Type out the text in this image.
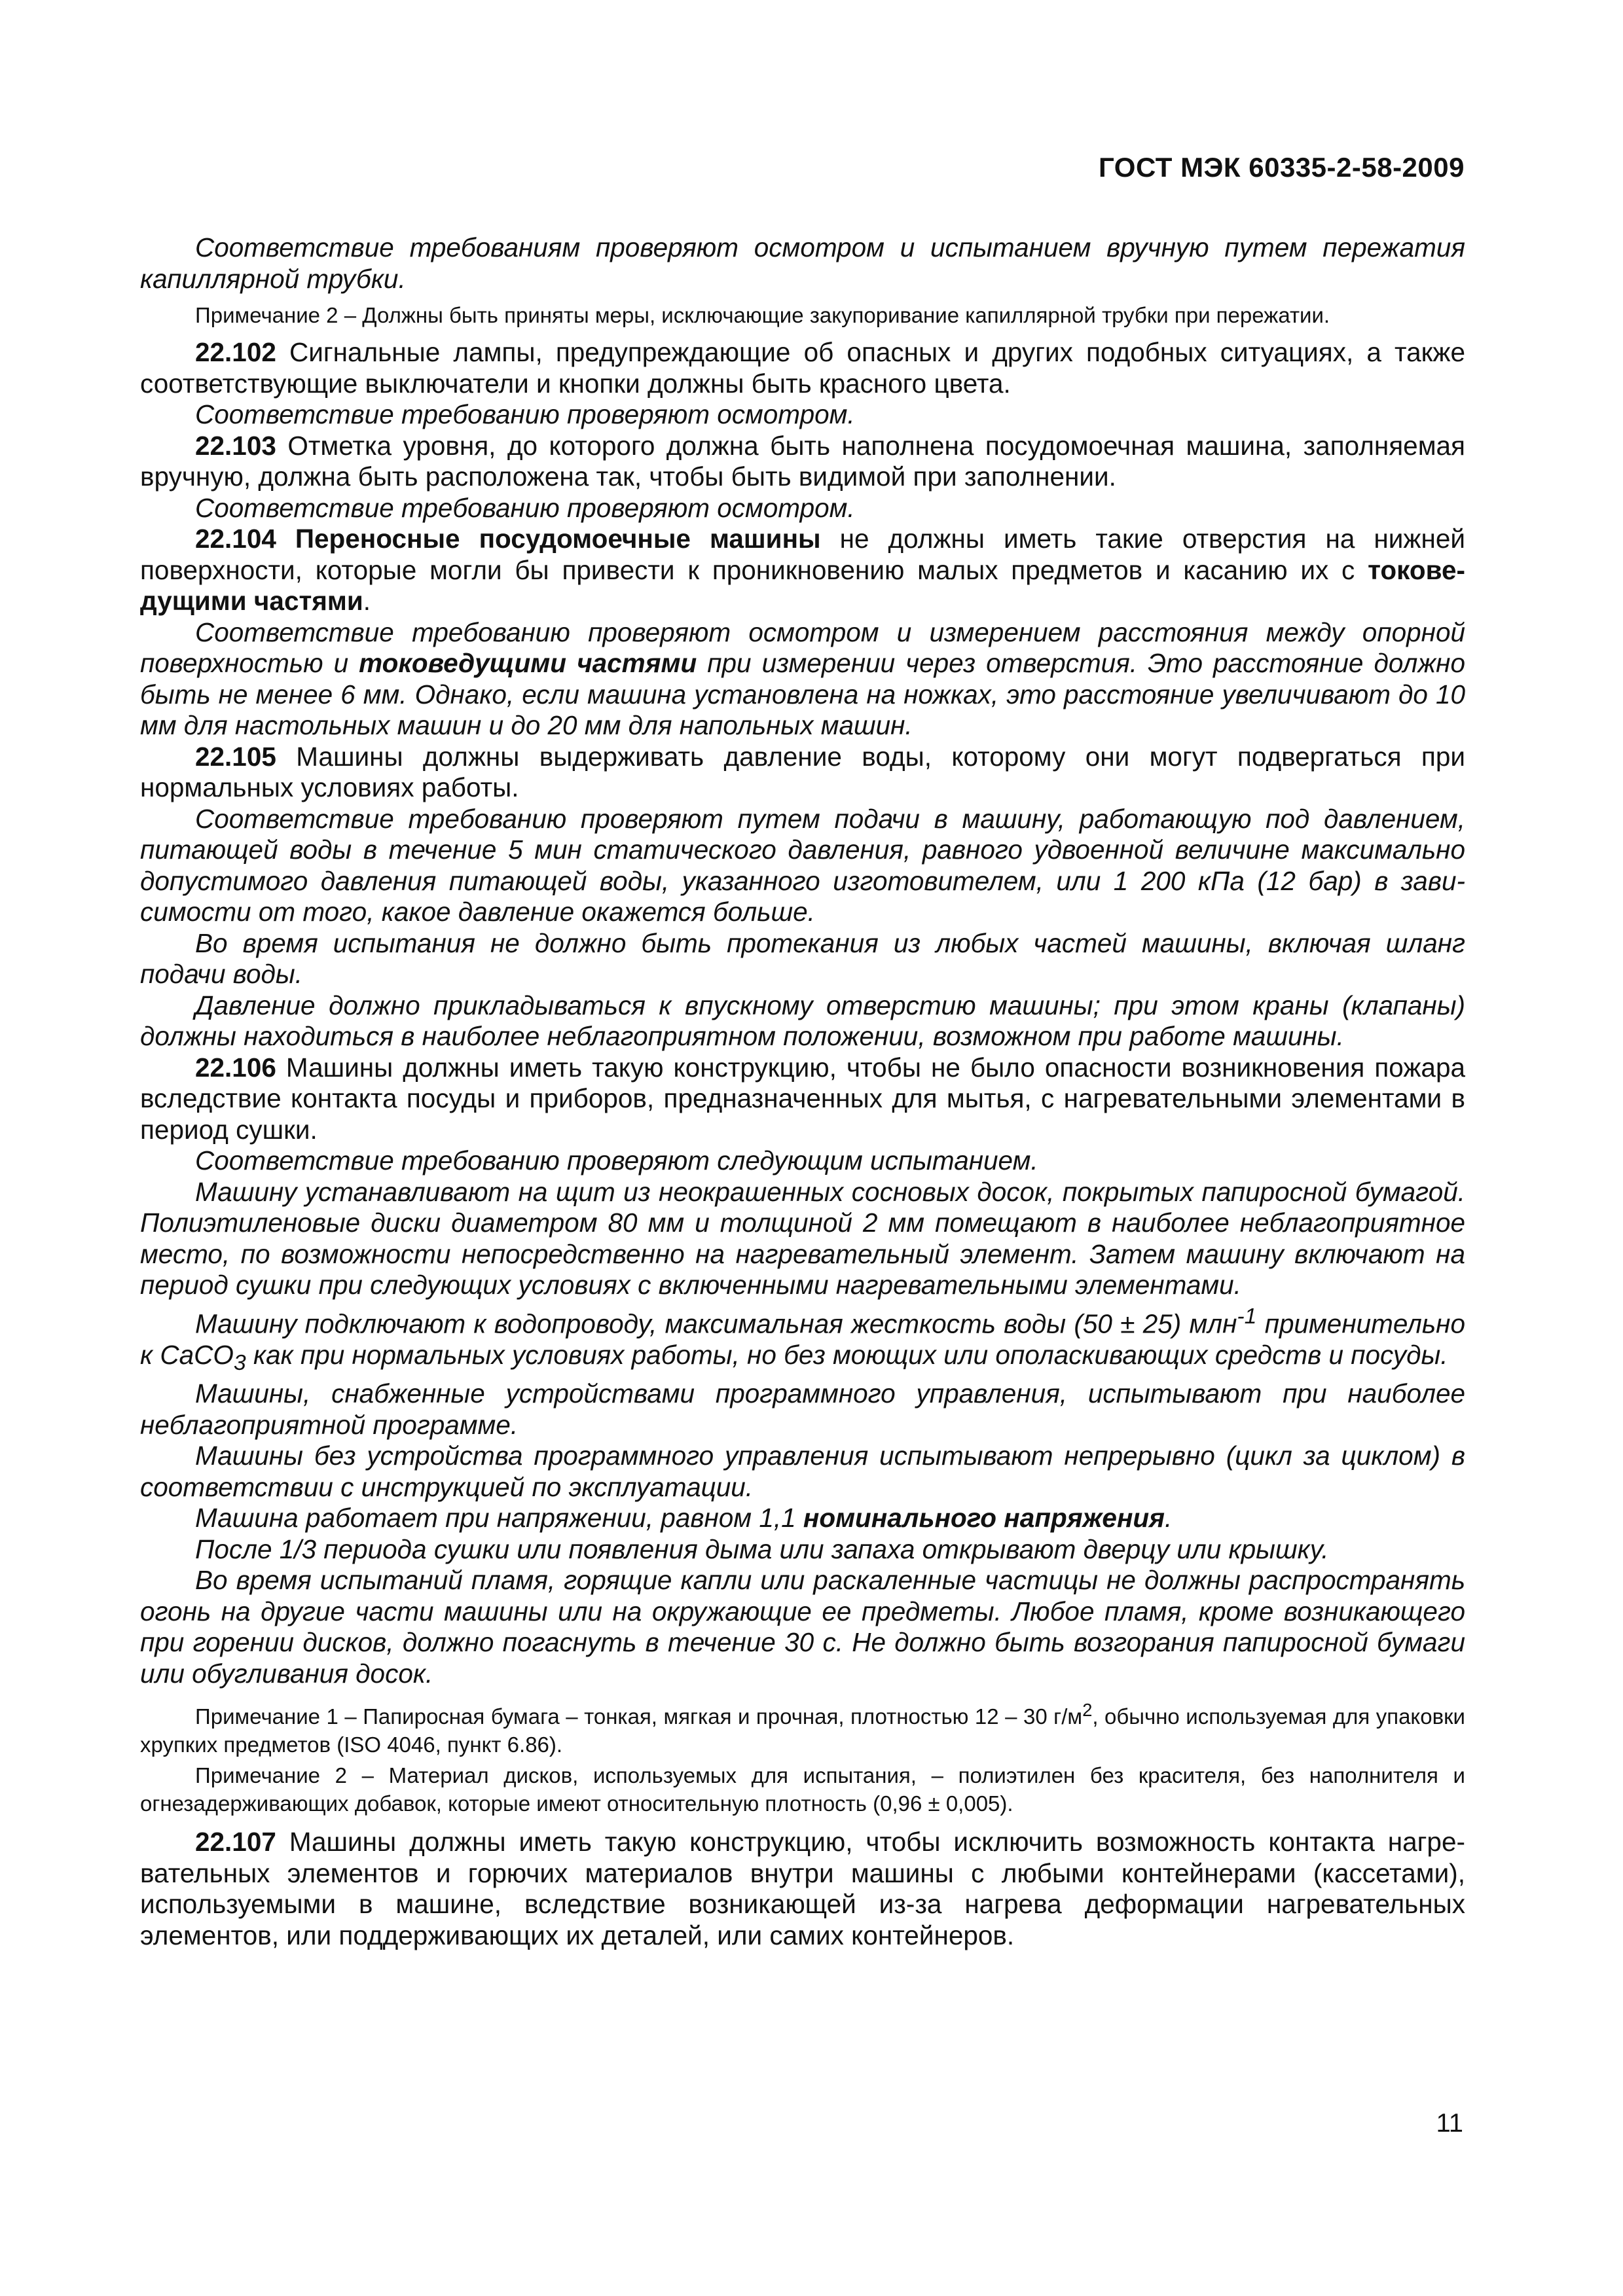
ГОСТ МЭК 60335-2-58-2009

Соответствие требованиям проверяют осмотром и испытанием вручную путем пережатия капиллярной трубки.

Примечание 2 – Должны быть приняты меры, исключающие закупоривание капиллярной трубки при пережатии.

22.102 Сигнальные лампы, предупреждающие об опасных и других подобных ситуациях, а также соответствующие выключатели и кнопки должны быть красного цвета.

Соответствие требованию проверяют осмотром.

22.103 Отметка уровня, до которого должна быть наполнена посудомоечная машина, заполняемая вручную, должна быть расположена так, чтобы быть видимой при заполнении.

Соответствие требованию проверяют осмотром.

22.104 Переносные посудомоечные машины не должны иметь такие отверстия на нижней поверхности, которые могли бы привести к проникновению малых предметов и касанию их с токоведущими частями.

Соответствие требованию проверяют осмотром и измерением расстояния между опорной поверхностью и токоведущими частями при измерении через отверстия. Это расстояние должно быть не менее 6 мм. Однако, если машина установлена на ножках, это расстояние увеличивают до 10 мм для настольных машин и до 20 мм для напольных машин.

22.105 Машины должны выдерживать давление воды, которому они могут подвергаться при нормальных условиях работы.

Соответствие требованию проверяют путем подачи в машину, работающую под давлением, питающей воды в течение 5 мин статического давления, равного удвоенной величине максимально допустимого давления питающей воды, указанного изготовителем, или 1 200 кПа (12 бар) в зависимости от того, какое давление окажется больше.

Во время испытания не должно быть протекания из любых частей машины, включая шланг подачи воды.

Давление должно прикладываться к впускному отверстию машины; при этом краны (клапаны) должны находиться в наиболее неблагоприятном положении, возможном при работе машины.

22.106 Машины должны иметь такую конструкцию, чтобы не было опасности возникновения пожара вследствие контакта посуды и приборов, предназначенных для мытья, с нагревательными элементами в период сушки.

Соответствие требованию проверяют следующим испытанием.

Машину устанавливают на щит из неокрашенных сосновых досок, покрытых папиросной бумагой. Полиэтиленовые диски диаметром 80 мм и толщиной 2 мм помещают в наиболее неблагоприятное место, по возможности непосредственно на нагревательный элемент. Затем машину включают на период сушки при следующих условиях с включенными нагревательными элементами.

Машину подключают к водопроводу, максимальная жесткость воды (50 ± 25) млн$^{-1}$ применительно к CaCO$_3$ как при нормальных условиях работы, но без моющих или ополаскивающих средств и посуды.

Машины, снабженные устройствами программного управления, испытывают при наиболее неблагоприятной программе.

Машины без устройства программного управления испытывают непрерывно (цикл за циклом) в соответствии с инструкцией по эксплуатации.

Машина работает при напряжении, равном 1,1 номинального напряжения.

После 1/3 периода сушки или появления дыма или запаха открывают дверцу или крышку.

Во время испытаний пламя, горящие капли или раскаленные частицы не должны распространять огонь на другие части машины или на окружающие ее предметы. Любое пламя, кроме возникающего при горении дисков, должно погаснуть в течение 30 с. Не должно быть возгорания папиросной бумаги или обугливания досок.

Примечание 1 – Папиросная бумага – тонкая, мягкая и прочная, плотностью 12 – 30 $г/м^2$, обычно используемая для упаковки хрупких предметов (ISO 4046, пункт 6.86).

Примечание 2 – Материал дисков, используемых для испытания, – полиэтилен без красителя, без наполнителя и огнезадерживающих добавок, которые имеют относительную плотность (0,96 ± 0,005).

22.107 Машины должны иметь такую конструкцию, чтобы исключить возможность контакта нагревательных элементов и горючих материалов внутри машины с любыми контейнерами (кассетами), используемыми в машине, вследствие возникающей из-за нагрева деформации нагревательных элементов, или поддерживающих их деталей, или самих контейнеров.

11
